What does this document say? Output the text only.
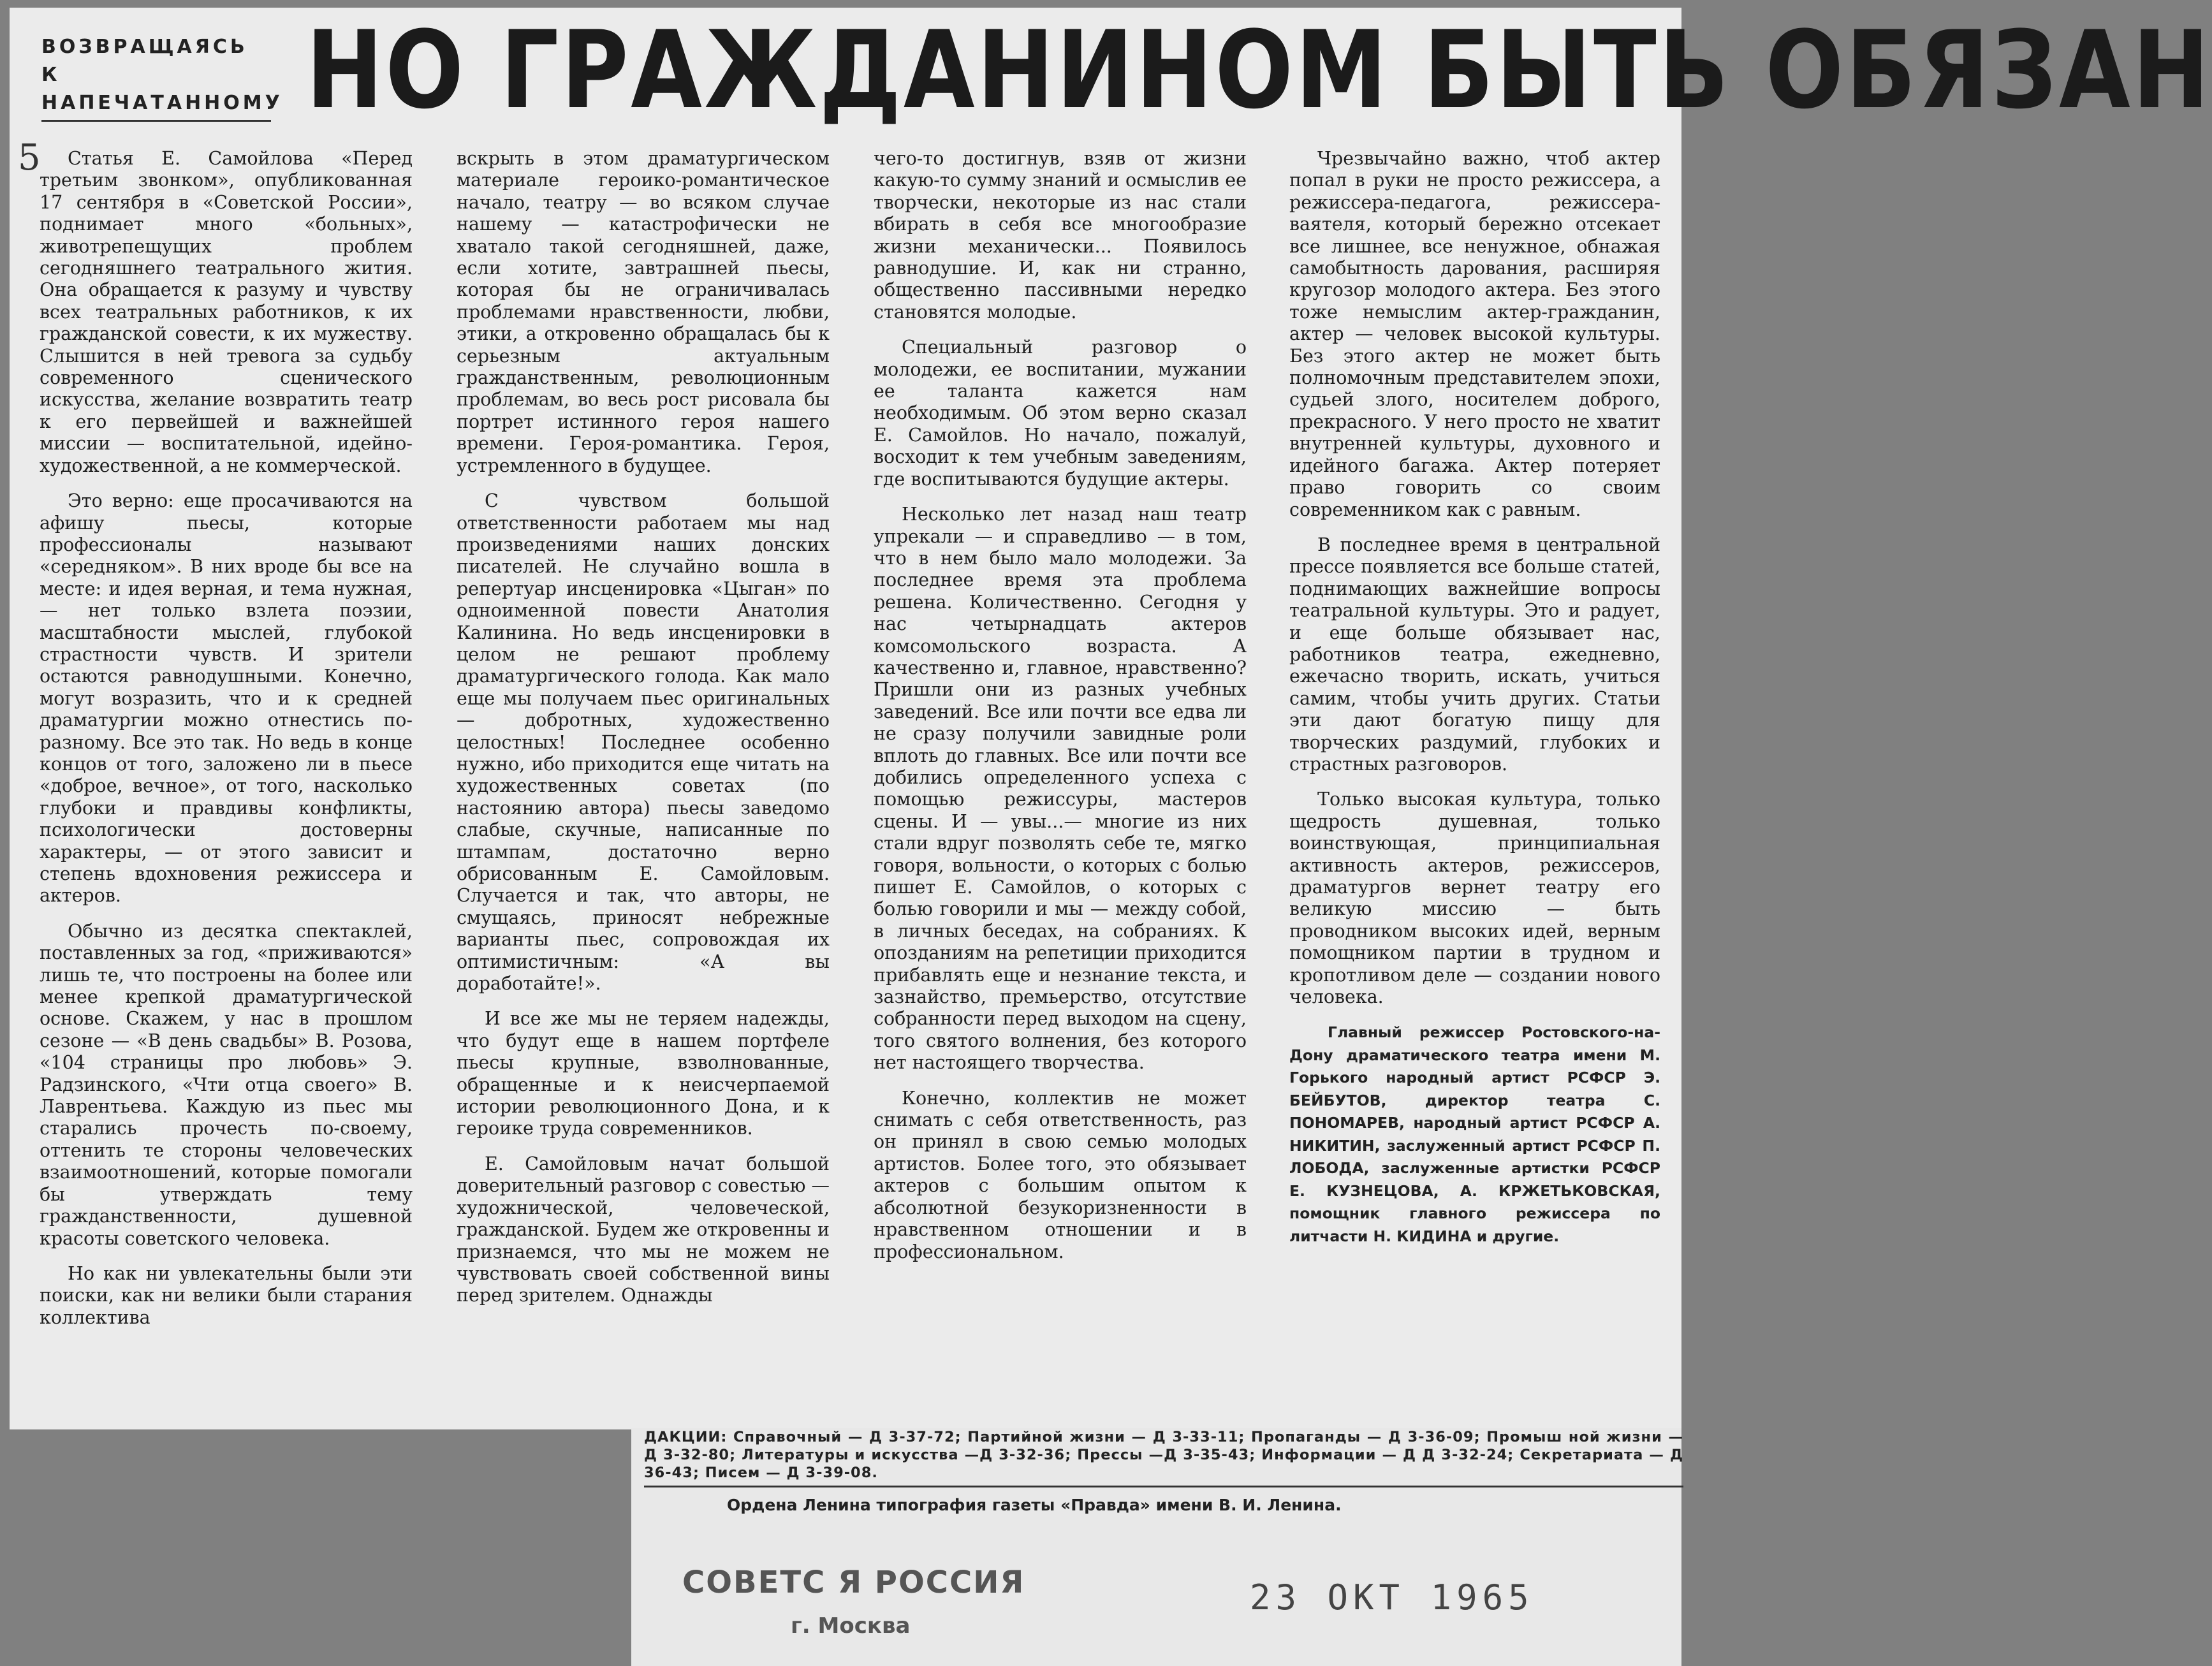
ВОЗВРАЩАЯСЬ
К НАПЕЧАТАННОМУ НО ГРАЖДАНИНОМ БЫТЬ ОБЯЗАН
5	Статья Е. Самойлова «Перед третьим звонком», опубликованная 17 сентября в «Советской России», поднимает много «больных», животрепещущих проблем сегодняшнего театрального жития. Она обращается к разуму и чувству всех театральных работников, к их гражданской совести, к их мужеству. Слышится в ней тревога за судьбу современного сценического искусства, желание возвратить театр к его первейшей и важнейшей миссии — воспитательной, идейно-художественной, а не коммерческой.

Это верно: еще просачиваются на афишу пьесы, которые профессионалы называют «середняком». В них вроде бы все на месте: и идея верная, и тема нужная,— нет только взлета поэзии, масштабности мыслей, глубокой страстности чувств. И зрители остаются равнодушными. Конечно, могут возразить, что и к средней драматургии можно отнестись по-разному. Все это так. Но ведь в конце концов от того, заложено ли в пьесе «доброе, вечное», от того, насколько глубоки и правдивы конфликты, психологически достоверны характеры, — от этого зависит и степень вдохновения режиссера и актеров.

Обычно из десятка спектаклей, поставленных за год, «приживаются» лишь те, что построены на более или менее крепкой драматургической основе. Скажем, у нас в прошлом сезоне — «В день свадьбы» В. Розова, «104 страницы про любовь» Э. Радзинского, «Чти отца своего» В. Лаврентьева. Каждую из пьес мы старались прочесть по-своему, оттенить те стороны человеческих взаимоотношений, которые помогали бы утверждать тему гражданственности, душевной красоты советского человека.

Но как ни увлекательны были эти поиски, как ни велики были старания коллектива

вскрыть в этом драматургическом материале героико-романтическое начало, театру — во всяком случае нашему — катастрофически не хватало такой сегодняшней, даже, если хотите, завтрашней пьесы, которая бы не ограничивалась проблемами нравственности, любви, этики, а откровенно обращалась бы к серьезным актуальным гражданственным, революционным проблемам, во весь рост рисовала бы портрет истинного героя нашего времени. Героя-романтика. Героя, устремленного в будущее.

С чувством большой ответственности работаем мы над произведениями наших донских писателей. Не случайно вошла в репертуар инсценировка «Цыган» по одноименной повести Анатолия Калинина. Но ведь инсценировки в целом не решают проблему драматургического голода. Как мало еще мы получаем пьес оригинальных — добротных, художественно целостных! Последнее особенно нужно, ибо приходится еще читать на художественных советах (по настоянию автора) пьесы заведомо слабые, скучные, написанные по штампам, достаточно верно обрисованным Е. Самойловым. Случается и так, что авторы, не смущаясь, приносят небрежные варианты пьес, сопровождая их оптимистичным: «А вы доработайте!».

И все же мы не теряем надежды, что будут еще в нашем портфеле пьесы крупные, взволнованные, обращенные и к неисчерпаемой истории революционного Дона, и к героике труда современников.

Е. Самойловым начат большой доверительный разговор с совестью — художнической, человеческой, гражданской. Будем же откровенны и признаемся, что мы не можем не чувствовать своей собственной вины перед зрителем. Однажды

чего-то достигнув, взяв от жизни какую-то сумму знаний и осмыслив ее творчески, некоторые из нас стали вбирать в себя все многообразие жизни механически... Появилось равнодушие. И, как ни странно, общественно пассивными нередко становятся молодые.

Специальный разговор о молодежи, ее воспитании, мужании ее таланта кажется нам необходимым. Об этом верно сказал Е. Самойлов. Но начало, пожалуй, восходит к тем учебным заведениям, где воспитываются будущие актеры.

Несколько лет назад наш театр упрекали — и справедливо — в том, что в нем было мало молодежи. За последнее время эта проблема решена. Количественно. Сегодня у нас четырнадцать актеров комсомольского возраста. А качественно и, главное, нравственно? Пришли они из разных учебных заведений. Все или почти все едва ли не сразу получили завидные роли вплоть до главных. Все или почти все добились определенного успеха с помощью режиссуры, мастеров сцены. И — увы...— многие из них стали вдруг позволять себе те, мягко говоря, вольности, о которых с болью пишет Е. Самойлов, о которых с болью говорили и мы — между собой, в личных беседах, на собраниях. К опозданиям на репетиции приходится прибавлять еще и незнание текста, и зазнайство, премьерство, отсутствие собранности перед выходом на сцену, того святого волнения, без которого нет настоящего творчества.

Конечно, коллектив не может снимать с себя ответственность, раз он принял в свою семью молодых артистов. Более того, это обязывает актеров с большим опытом к абсолютной безукоризненности в нравственном отношении и в профессиональном.

Чрезвычайно важно, чтоб актер попал в руки не просто режиссера, а режиссера-педагога, режиссера-ваятеля, который бережно отсекает все лишнее, все ненужное, обнажая самобытность дарования, расширяя кругозор молодого актера. Без этого тоже немыслим актер-гражданин, актер — человек высокой культуры. Без этого актер не может быть полномочным представителем эпохи, судьей злого, носителем доброго, прекрасного. У него просто не хватит внутренней культуры, духовного и идейного багажа. Актер потеряет право говорить со своим современником как с равным.

В последнее время в центральной прессе появляется все больше статей, поднимающих важнейшие вопросы театральной культуры. Это и радует, и еще больше обязывает нас, работников театра, ежедневно, ежечасно творить, искать, учиться самим, чтобы учить других. Статьи эти дают богатую пищу для творческих раздумий, глубоких и страстных разговоров.

Только высокая культура, только щедрость душевная, только воинствующая, принципиальная активность актеров, режиссеров, драматургов вернет театру его великую миссию — быть проводником высоких идей, верным помощником партии в трудном и кропотливом деле — создании нового человека.

Главный режиссер Ростовского-на-Дону драматического театра имени М. Горького народный артист РСФСР Э. БЕЙБУТОВ, директор театра С. ПОНОМАРЕВ, народный артист РСФСР А. НИКИТИН, заслуженный артист РСФСР П. ЛОБОДА, заслуженные артистки РСФСР Е. КУЗНЕЦОВА, А. КРЖЕТЬКОВСКАЯ, помощник главного режиссера по литчасти Н. КИДИНА и другие.
ДАКЦИИ: Справочный — Д 3-37-72; Партийной жизни — Д 3-33-11; Пропаганды — Д 3-36-09; Промыш ной жизни — Д 3-32-80; Литературы и искусства —Д 3-32-36; Прессы —Д 3-35-43; Информации — Д Д 3-32-24; Секретариата — Д 36-43; Писем — Д 3-39-08.
Ордена Ленина типография газеты «Правда» имени В. И. Ленина.
СОВЕТС Я РОССИЯ
г. Москва
23 ОКТ 1965
